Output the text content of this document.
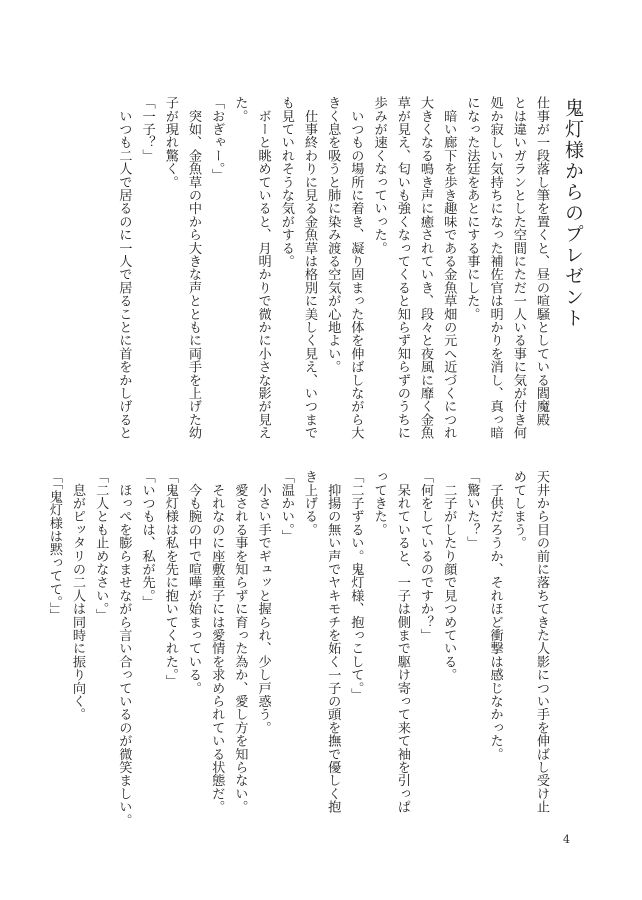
鬼灯様からのプレゼント
仕事が一段落し筆を置くと、昼の喧騒としている閻魔殿
とは違いガランとした空間にただ一人いる事に気が付き何
処か寂しい気持ちになった補佐官は明かりを消し、真っ暗
になった法廷をあとにする事にした。
　暗い廊下を歩き趣味である金魚草畑の元へ近づくにつれ
大きくなる鳴き声に癒されていき、段々と夜風に靡く金魚
草が見え、匂いも強くなってくると知らず知らずのうちに
歩みが速くなっていった。
　いつもの場所に着き、凝り固まった体を伸ばしながら大
きく息を吸うと肺に染み渡る空気が心地よい。
　仕事終わりに見る金魚草は格別に美しく見え、いつまで
も見ていれそうな気がする。
　ボーと眺めていると、月明かりで微かに小さな影が見え
た。
「おぎゃー。」
　突如、金魚草の中から大きな声とともに両手を上げた幼
子が現れ驚く。
「一子？」
　いつも二人で居るのに一人で居ることに首をかしげると
天井から目の前に落ちてきた人影につい手を伸ばし受け止
めてしまう。
　子供だろうか、それほど衝撃は感じなかった。
「驚いた？」
　二子がしたり顔で見つめている。
「何をしているのですか？」
　呆れていると、一子は側まで駆け寄って来て袖を引っぱ
ってきた。
「二子ずるい。鬼灯様、抱っこして。」
　抑揚の無い声でヤキモチを妬く一子の頭を撫で優しく抱
き上げる。
「温かい。」
　小さい手でギュッと握られ、少し戸惑う。
　愛される事を知らずに育った為か、愛し方を知らない。
　それなのに座敷童子には愛情を求められている状態だ。
　今も腕の中で喧嘩が始まっている。
「鬼灯様は私を先に抱いてくれた。」
「いつもは、私が先。」
　ほっぺを膨らませながら言い合っているのが微笑ましい。
「二人とも止めなさい。」
　息がピッタリの二人は同時に振り向く。
「「鬼灯様は黙ってて。」」
4
